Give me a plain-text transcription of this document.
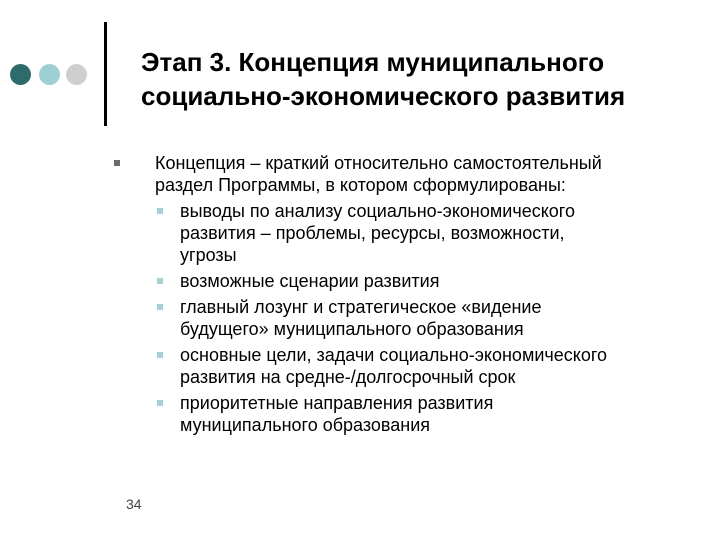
Этап 3. Концепция муниципального
социально-экономического развития
Концепция – краткий относительно самостоятельный
раздел Программы, в котором сформулированы:
выводы по анализу социально-экономического
развития – проблемы, ресурсы, возможности,
угрозы
возможные сценарии развития
главный лозунг и стратегическое «видение
будущего» муниципального образования
основные цели, задачи социально-экономического
развития на средне-/долгосрочный срок
приоритетные направления развития
муниципального образования
34
